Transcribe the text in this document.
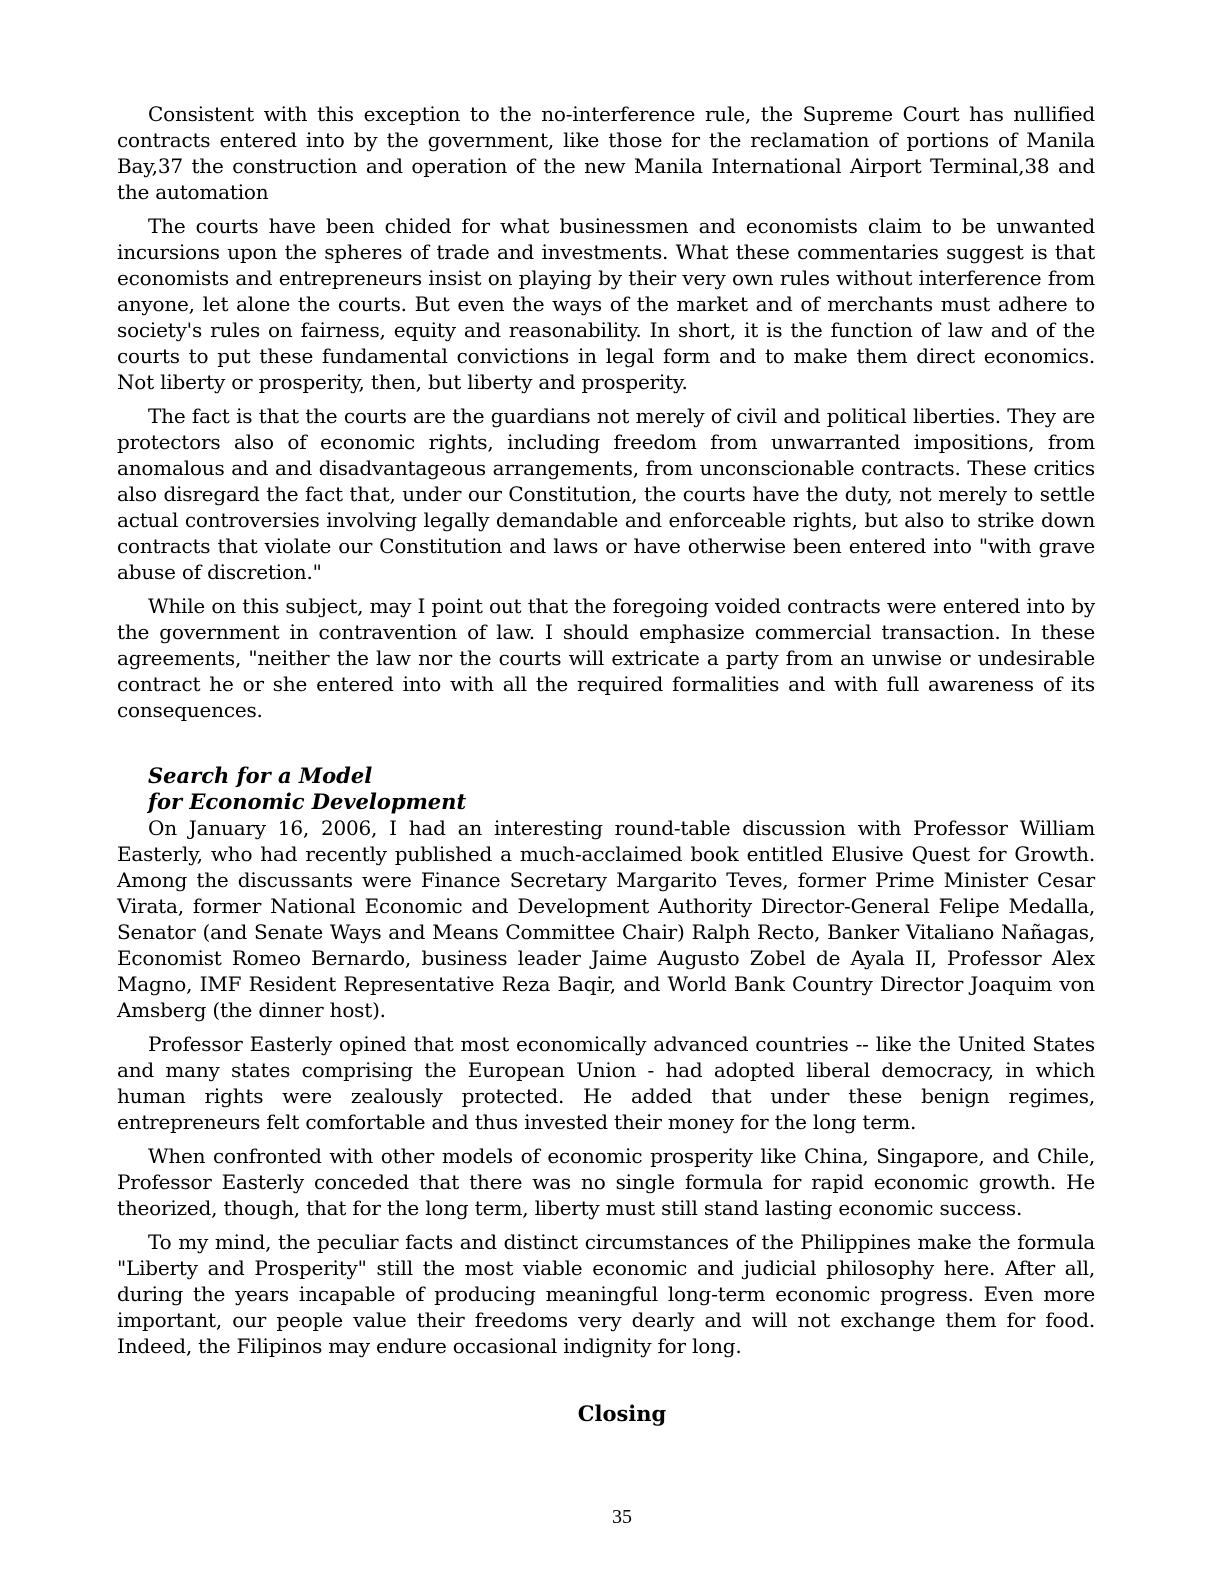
Consistent with this exception to the no-interference rule, the Supreme Court has nullified contracts entered into by the government, like those for the reclamation of portions of Manila Bay,37 the construction and operation of the new Manila International Airport Terminal,38 and the automation

The courts have been chided for what businessmen and economists claim to be unwanted incursions upon the spheres of trade and investments. What these commentaries suggest is that economists and entrepreneurs insist on playing by their very own rules without interference from anyone, let alone the courts. But even the ways of the market and of merchants must adhere to society's rules on fairness, equity and reasonability. In short, it is the function of law and of the courts to put these fundamental convictions in legal form and to make them direct economics. Not liberty or prosperity, then, but liberty and prosperity.

The fact is that the courts are the guardians not merely of civil and political liberties. They are protectors also of economic rights, including freedom from unwarranted impositions, from anomalous and and disadvantageous arrangements, from unconscionable contracts. These critics also disregard the fact that, under our Constitution, the courts have the duty, not merely to settle actual controversies involving legally demandable and enforceable rights, but also to strike down contracts that violate our Constitution and laws or have otherwise been entered into "with grave abuse of discretion."

While on this subject, may I point out that the foregoing voided contracts were entered into by the government in contravention of law. I should emphasize commercial transaction. In these agreements, "neither the law nor the courts will extricate a party from an unwise or undesirable contract he or she entered into with all the required formalities and with full awareness of its consequences.

Search for a Model
for Economic Development

On January 16, 2006, I had an interesting round-table discussion with Professor William Easterly, who had recently published a much-acclaimed book entitled Elusive Quest for Growth. Among the discussants were Finance Secretary Margarito Teves, former Prime Minister Cesar Virata, former National Economic and Development Authority Director-General Felipe Medalla, Senator (and Senate Ways and Means Committee Chair) Ralph Recto, Banker Vitaliano Nañagas, Economist Romeo Bernardo, business leader Jaime Augusto Zobel de Ayala II, Professor Alex Magno, IMF Resident Representative Reza Baqir, and World Bank Country Director Joaquim von Amsberg (the dinner host).

Professor Easterly opined that most economically advanced countries -- like the United States and many states comprising the European Union - had adopted liberal democracy, in which human rights were zealously protected. He added that under these benign regimes, entrepreneurs felt comfortable and thus invested their money for the long term.

When confronted with other models of economic prosperity like China, Singapore, and Chile, Professor Easterly conceded that there was no single formula for rapid economic growth. He theorized, though, that for the long term, liberty must still stand lasting economic success.

To my mind, the peculiar facts and distinct circumstances of the Philippines make the formula "Liberty and Prosperity" still the most viable economic and judicial philosophy here. After all, during the years incapable of producing meaningful long-term economic progress. Even more important, our people value their freedoms very dearly and will not exchange them for food. Indeed, the Filipinos may endure occasional indignity for long.

Closing
35
